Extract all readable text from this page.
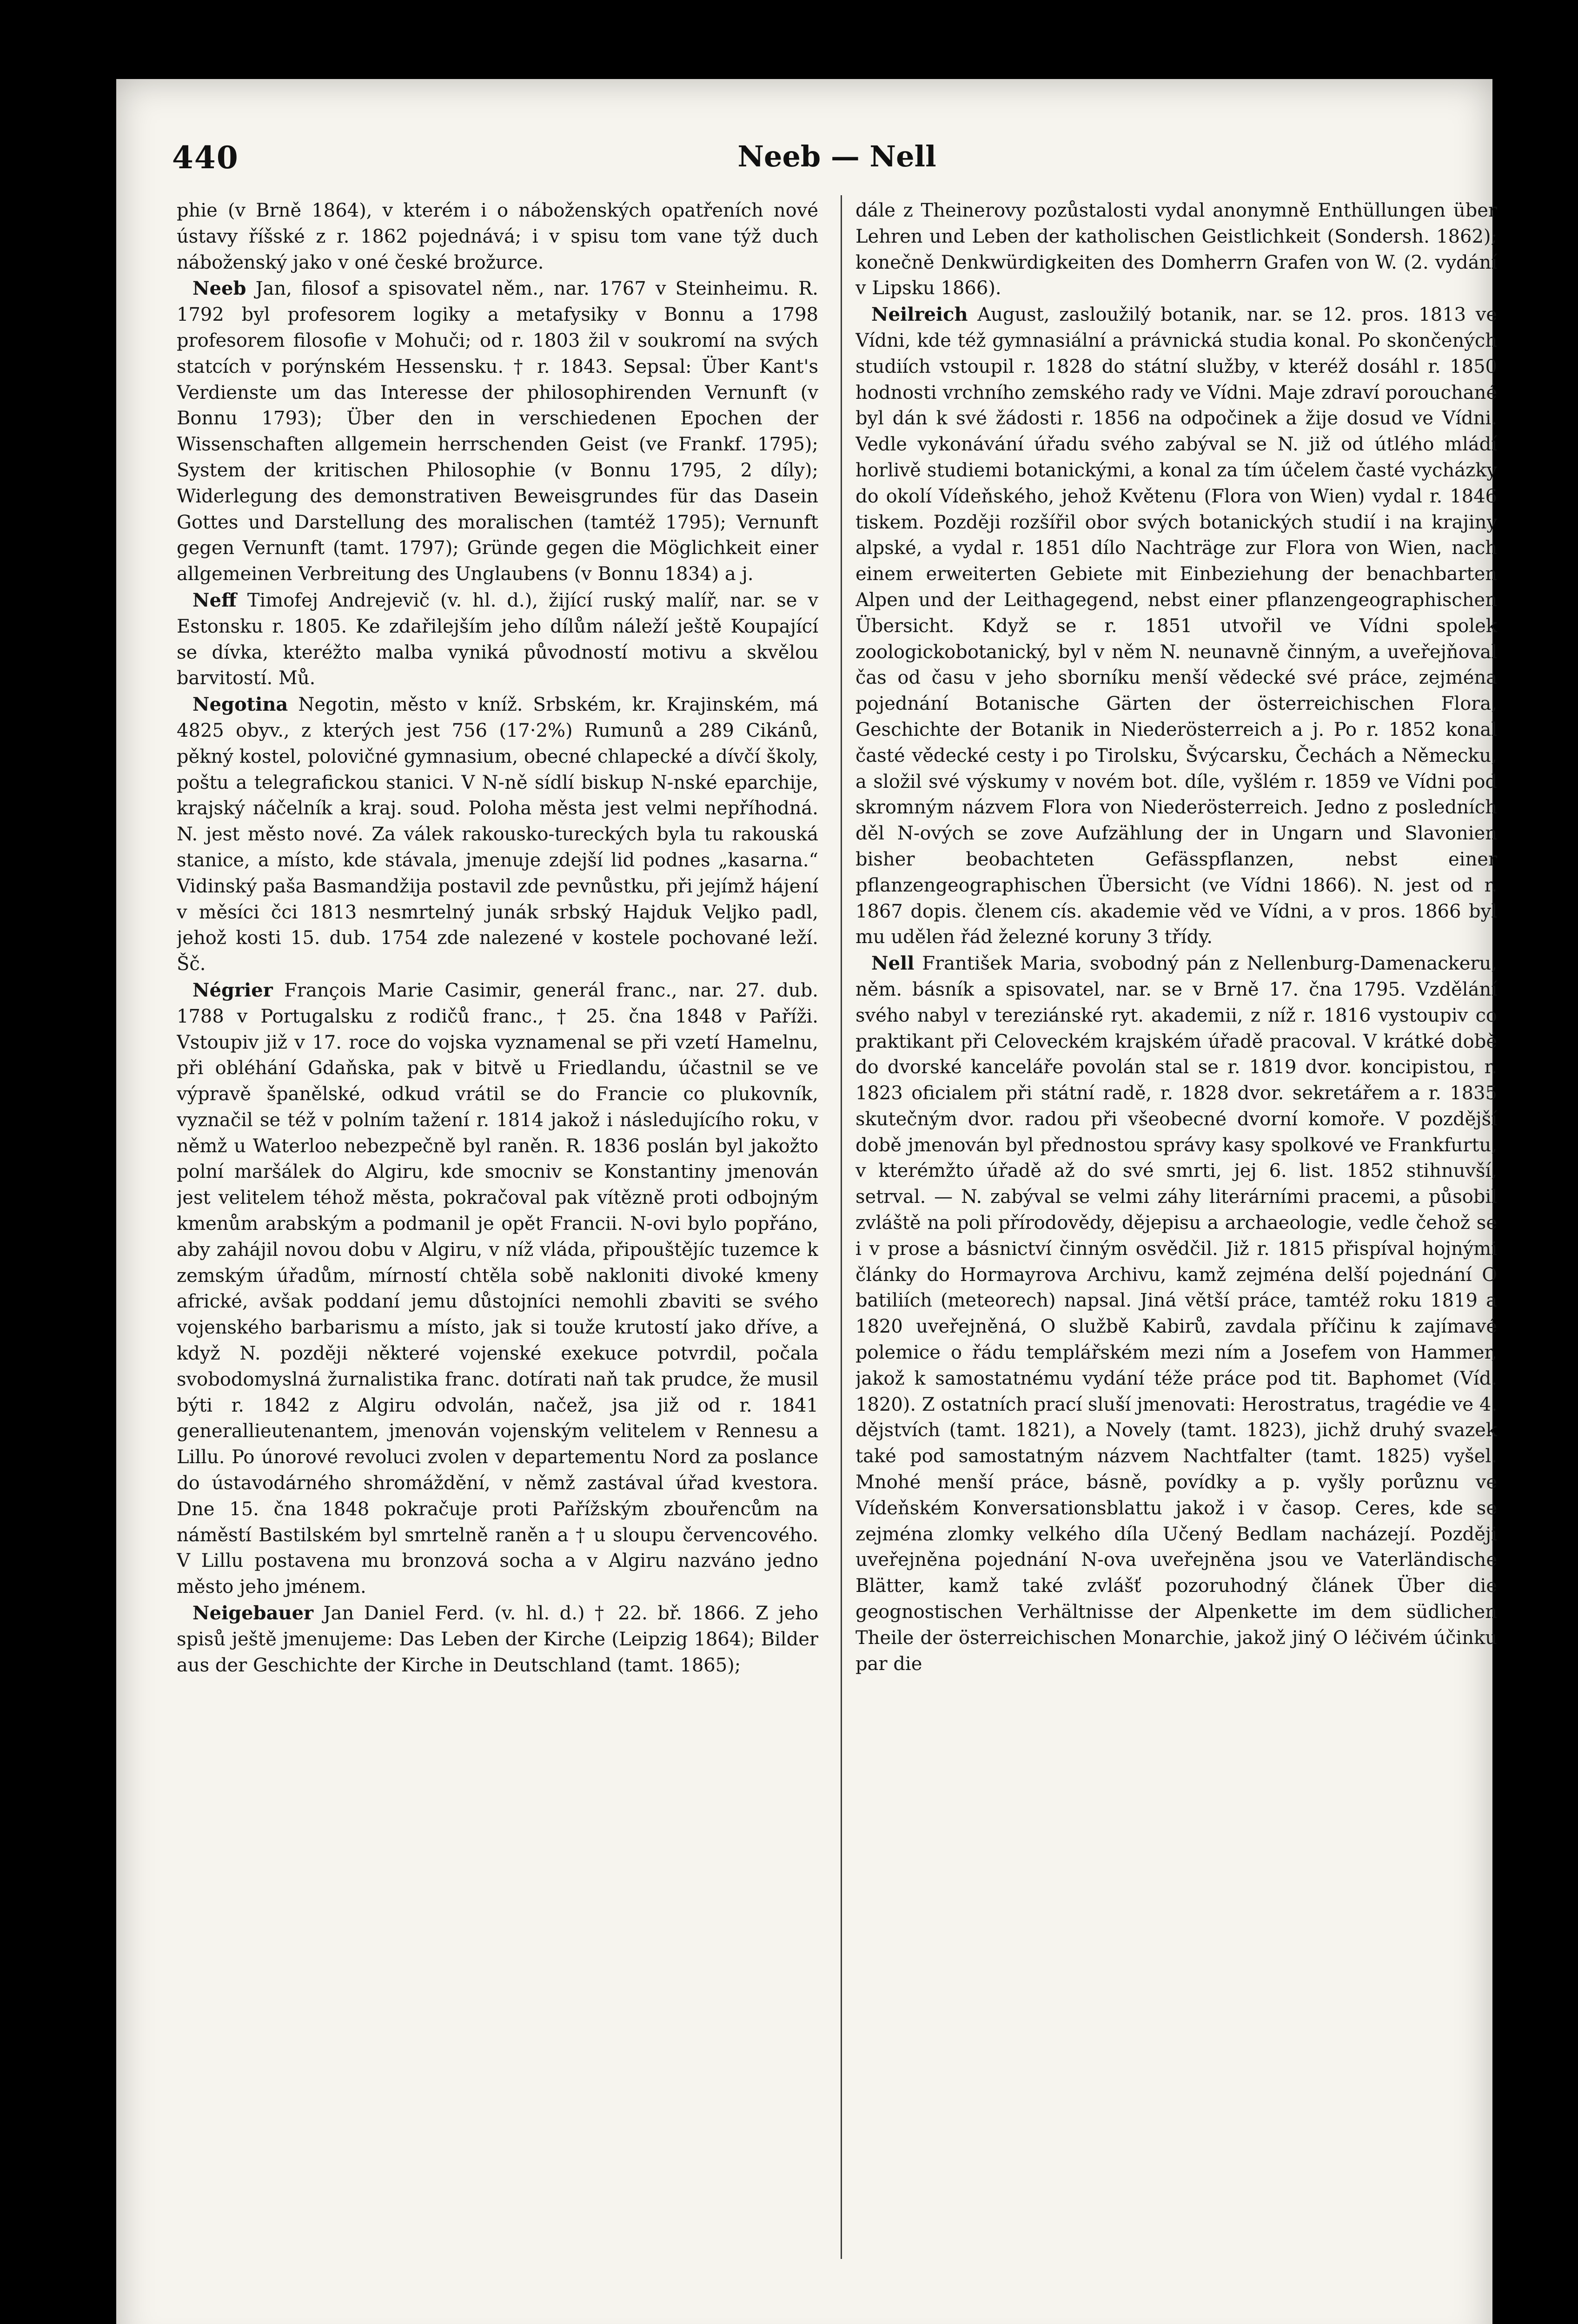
440	Neeb — Nell

phie (v Brně 1864), v kterém i o náboženských opatřeních nové ústavy říšské z r. 1862 pojednává; i v spisu tom vane týž duch náboženský jako v oné české brožurce.

Neeb Jan, filosof a spisovatel něm., nar. 1767 v Steinheimu. R. 1792 byl profesorem logiky a metafysiky v Bonnu a 1798 profesorem filosofie v Mohuči; od r. 1803 žil v soukromí na svých statcích v porýnském Hessensku. † r. 1843. Sepsal: Über Kant's Verdienste um das Interesse der philosophirenden Vernunft (v Bonnu 1793); Über den in verschiedenen Epochen der Wissenschaften allgemein herrschenden Geist (ve Frankf. 1795); System der kritischen Philosophie (v Bonnu 1795, 2 díly); Widerlegung des demonstrativen Beweisgrundes für das Dasein Gottes und Darstellung des moralischen (tamtéž 1795); Vernunft gegen Vernunft (tamt. 1797); Gründe gegen die Möglichkeit einer allgemeinen Verbreitung des Unglaubens (v Bonnu 1834) a j.

Neff Timofej Andrejevič (v. hl. d.), žijící ruský malíř, nar. se v Estonsku r. 1805. Ke zdařilejším jeho dílům náleží ještě Koupající se dívka, kteréžto malba vyniká původností motivu a skvělou barvitostí. Mů.

Negotina Negotin, město v kníž. Srbském, kr. Krajinském, má 4825 obyv., z kterých jest 756 (17·2%) Rumunů a 289 Cikánů, pěkný kostel, polovičné gymnasium, obecné chlapecké a dívčí školy, poštu a telegrafickou stanici. V N-ně sídlí biskup N-nské eparchije, krajský náčelník a kraj. soud. Poloha města jest velmi nepříhodná. N. jest město nové. Za válek rakousko-tureckých byla tu rakouská stanice, a místo, kde stávala, jmenuje zdejší lid podnes „kasarna.“ Vidinský paša Basmandžija postavil zde pevnůstku, při jejímž hájení v měsíci čci 1813 nesmrtelný junák srbský Hajduk Veljko padl, jehož kosti 15. dub. 1754 zde nalezené v kostele pochované leží. Šč.

Négrier François Marie Casimir, generál franc., nar. 27. dub. 1788 v Portugalsku z rodičů franc., † 25. čna 1848 v Paříži. Vstoupiv již v 17. roce do vojska vyznamenal se při vzetí Hamelnu, při obléhání Gdaňska, pak v bitvě u Friedlandu, účastnil se ve výpravě španělské, odkud vrátil se do Francie co plukovník, vyznačil se též v polním tažení r. 1814 jakož i následujícího roku, v němž u Waterloo nebezpečně byl raněn. R. 1836 poslán byl jakožto polní maršálek do Algiru, kde smocniv se Konstantiny jmenován jest velitelem téhož města, pokračoval pak vítězně proti odbojným kmenům arabským a podmanil je opět Francii. N-ovi bylo popřáno, aby zahájil novou dobu v Algiru, v níž vláda, připouštějíc tuzemce k zemským úřadům, mírností chtěla sobě nakloniti divoké kmeny africké, avšak poddaní jemu důstojníci nemohli zbaviti se svého vojenského barbarismu a místo, jak si touže krutostí jako dříve, a když N. později některé vojenské exekuce potvrdil, počala svobodomyslná žurnalistika franc. dotírati naň tak prudce, že musil býti r. 1842 z Algiru odvolán, načež, jsa již od r. 1841 generallieutenantem, jmenován vojenským velitelem v Rennesu a Lillu. Po únorové revoluci zvolen v departementu Nord za poslance do ústavodárného shromáždění, v němž zastával úřad kvestora. Dne 15. čna 1848 pokračuje proti Pařížským zbouřencům na náměstí Bastilském byl smrtelně raněn a † u sloupu červencového. V Lillu postavena mu bronzová socha a v Algiru nazváno jedno město jeho jménem.

Neigebauer Jan Daniel Ferd. (v. hl. d.) † 22. bř. 1866. Z jeho spisů ještě jmenujeme: Das Leben der Kirche (Leipzig 1864); Bilder aus der Geschichte der Kirche in Deutschland (tamt. 1865);

dále z Theinerovy pozůstalosti vydal anonymně Enthüllungen über Lehren und Leben der katholischen Geistlichkeit (Sondersh. 1862); konečně Denkwürdigkeiten des Domherrn Grafen von W. (2. vydání v Lipsku 1866).

Neilreich August, zasloužilý botanik, nar. se 12. pros. 1813 ve Vídni, kde též gymnasiální a právnická studia konal. Po skončených studiích vstoupil r. 1828 do státní služby, v kteréž dosáhl r. 1850 hodnosti vrchního zemského rady ve Vídni. Maje zdraví porouchané byl dán k své žádosti r. 1856 na odpočinek a žije dosud ve Vídni. Vedle vykonávání úřadu svého zabýval se N. již od útlého mládí horlivě studiemi botanickými, a konal za tím účelem časté vycházky do okolí Vídeňského, jehož Květenu (Flora von Wien) vydal r. 1846 tiskem. Později rozšířil obor svých botanických studií i na krajiny alpské, a vydal r. 1851 dílo Nachträge zur Flora von Wien, nach einem erweiterten Gebiete mit Einbeziehung der benachbarten Alpen und der Leithagegend, nebst einer pflanzengeographischen Übersicht. Když se r. 1851 utvořil ve Vídni spolek zoologickobotanický, byl v něm N. neunavně činným, a uveřejňoval čas od času v jeho sborníku menší vědecké své práce, zejména pojednání Botanische Gärten der österreichischen Flora, Geschichte der Botanik in Niederösterreich a j. Po r. 1852 konal časté vědecké cesty i po Tirolsku, Švýcarsku, Čechách a Německu, a složil své výskumy v novém bot. díle, vyšlém r. 1859 ve Vídni pod skromným názvem Flora von Niederösterreich. Jedno z posledních děl N-ových se zove Aufzählung der in Ungarn und Slavonien bisher beobachteten Gefässpflanzen, nebst einer pflanzengeographischen Übersicht (ve Vídni 1866). N. jest od r. 1867 dopis. členem cís. akademie věd ve Vídni, a v pros. 1866 byl mu udělen řád železné koruny 3 třídy.

Nell František Maria, svobodný pán z Nellenburg-Damenackeru, něm. básník a spisovatel, nar. se v Brně 17. čna 1795. Vzdělání svého nabyl v tereziánské ryt. akademii, z níž r. 1816 vystoupiv co praktikant při Celoveckém krajském úřadě pracoval. V krátké době do dvorské kanceláře povolán stal se r. 1819 dvor. koncipistou, r. 1823 oficialem při státní radě, r. 1828 dvor. sekretářem a r. 1835 skutečným dvor. radou při všeobecné dvorní komoře. V pozdější době jmenován byl přednostou správy kasy spolkové ve Frankfurtu, v kterémžto úřadě až do své smrti, jej 6. list. 1852 stihnuvší, setrval. — N. zabýval se velmi záhy literárními pracemi, a působil zvláště na poli přírodovědy, dějepisu a archaeologie, vedle čehož se i v prose a básnictví činným osvědčil. Již r. 1815 přispíval hojnými články do Hormayrova Archivu, kamž zejména delší pojednání O batiliích (meteorech) napsal. Jiná větší práce, tamtéž roku 1819 a 1820 uveřejněná, O službě Kabirů, zavdala příčinu k zajímavé polemice o řádu templářském mezi ním a Josefem von Hammer, jakož k samostatnému vydání téže práce pod tit. Baphomet (Víd. 1820). Z ostatních prací sluší jmenovati: Herostratus, tragédie ve 4. dějstvích (tamt. 1821), a Novely (tamt. 1823), jichž druhý svazek také pod samostatným názvem Nachtfalter (tamt. 1825) vyšel. Mnohé menší práce, básně, povídky a p. vyšly porůznu ve Vídeňském Konversationsblattu jakož i v časop. Ceres, kde se zejména zlomky velkého díla Učený Bedlam nacházejí. Později uveřejněna pojednání N-ova uveřejněna jsou ve Vaterländische Blätter, kamž také zvlášť pozoruhodný článek Über die geognostischen Verhältnisse der Alpenkette im dem südlichen Theile der österreichischen Monarchie, jakož jiný O léčivém účinku par die
